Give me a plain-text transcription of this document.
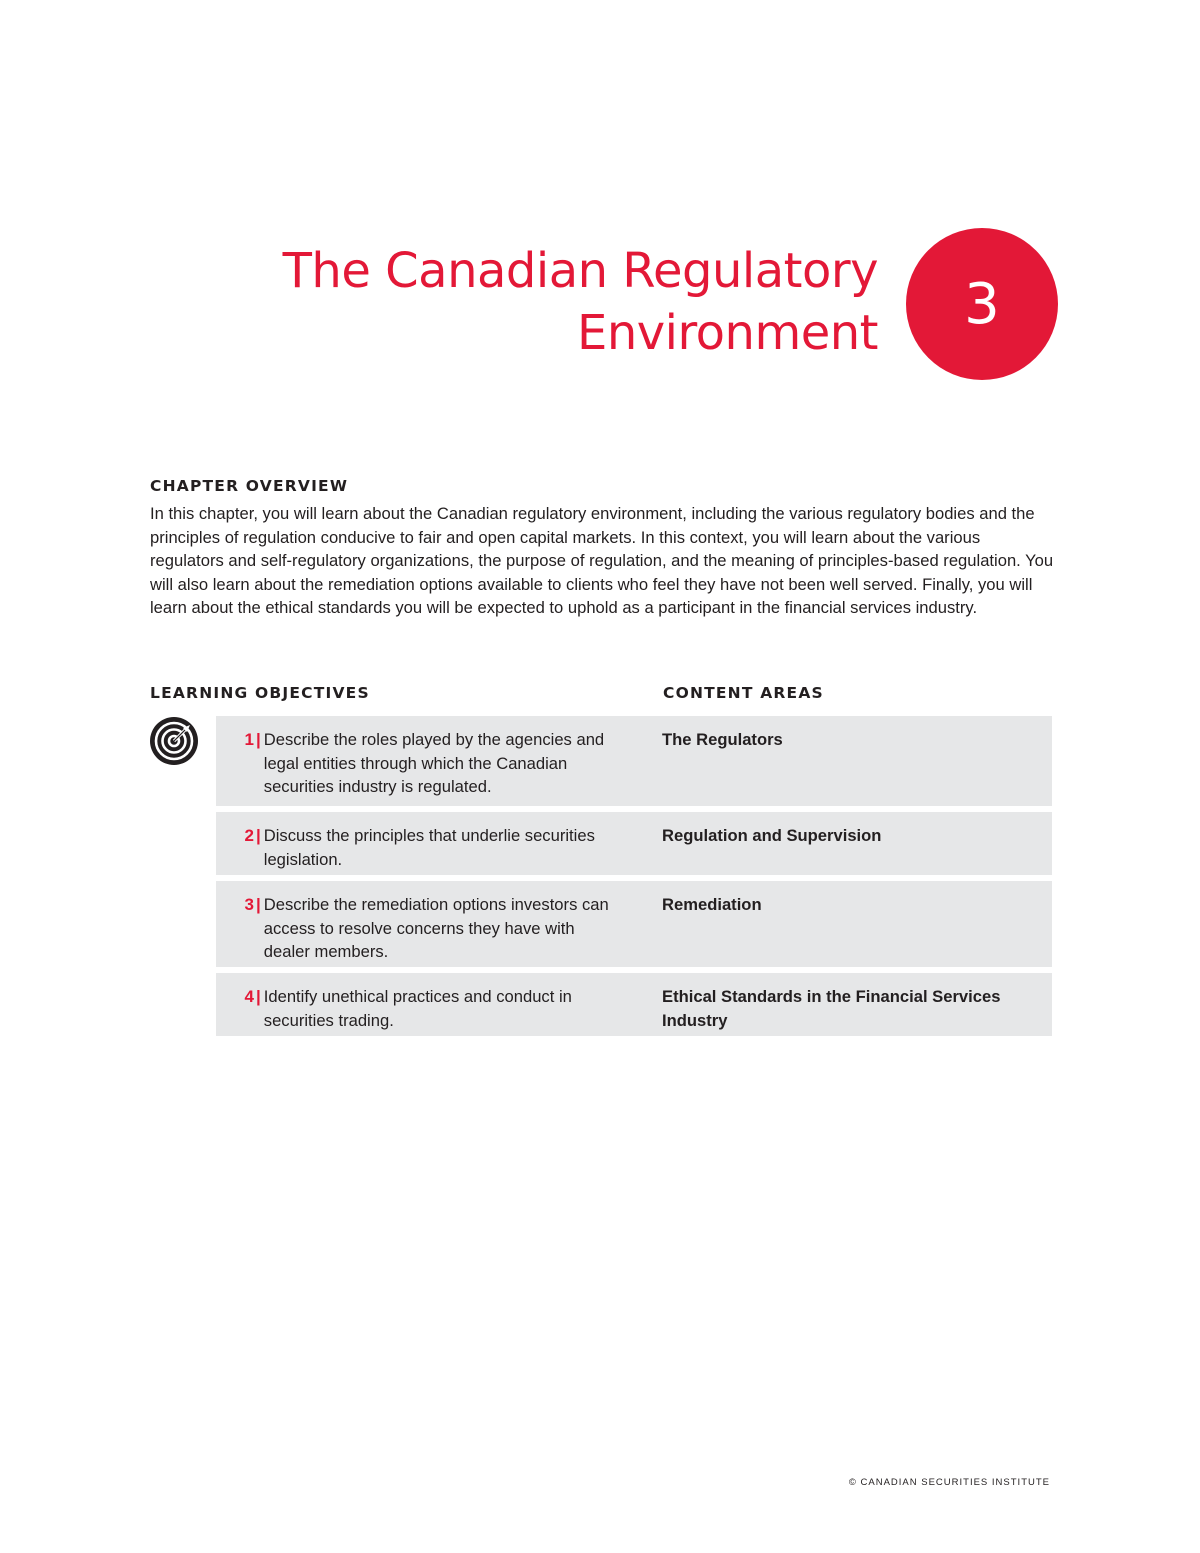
The Canadian Regulatory
Environment	3
CHAPTER OVERVIEW

In this chapter, you will learn about the Canadian regulatory environment, including the various regulatory bodies and the principles of regulation conducive to fair and open capital markets. In this context, you will learn about the various regulators and self-regulatory organizations, the purpose of regulation, and the meaning of principles-based regulation. You will also learn about the remediation options available to clients who feel they have not been well served. Finally, you will learn about the ethical standards you will be expected to uphold as a participant in the financial services industry.

LEARNING OBJECTIVES	CONTENT AREAS
1 | Describe the roles played by the agencies and legal entities through which the Canadian securities industry is regulated.
The Regulators
2 | Discuss the principles that underlie securities legislation.
Regulation and Supervision
3 | Describe the remediation options investors can access to resolve concerns they have with dealer members.
Remediation
4 | Identify unethical practices and conduct in securities trading.
Ethical Standards in the Financial Services Industry
© CANADIAN SECURITIES INSTITUTE
